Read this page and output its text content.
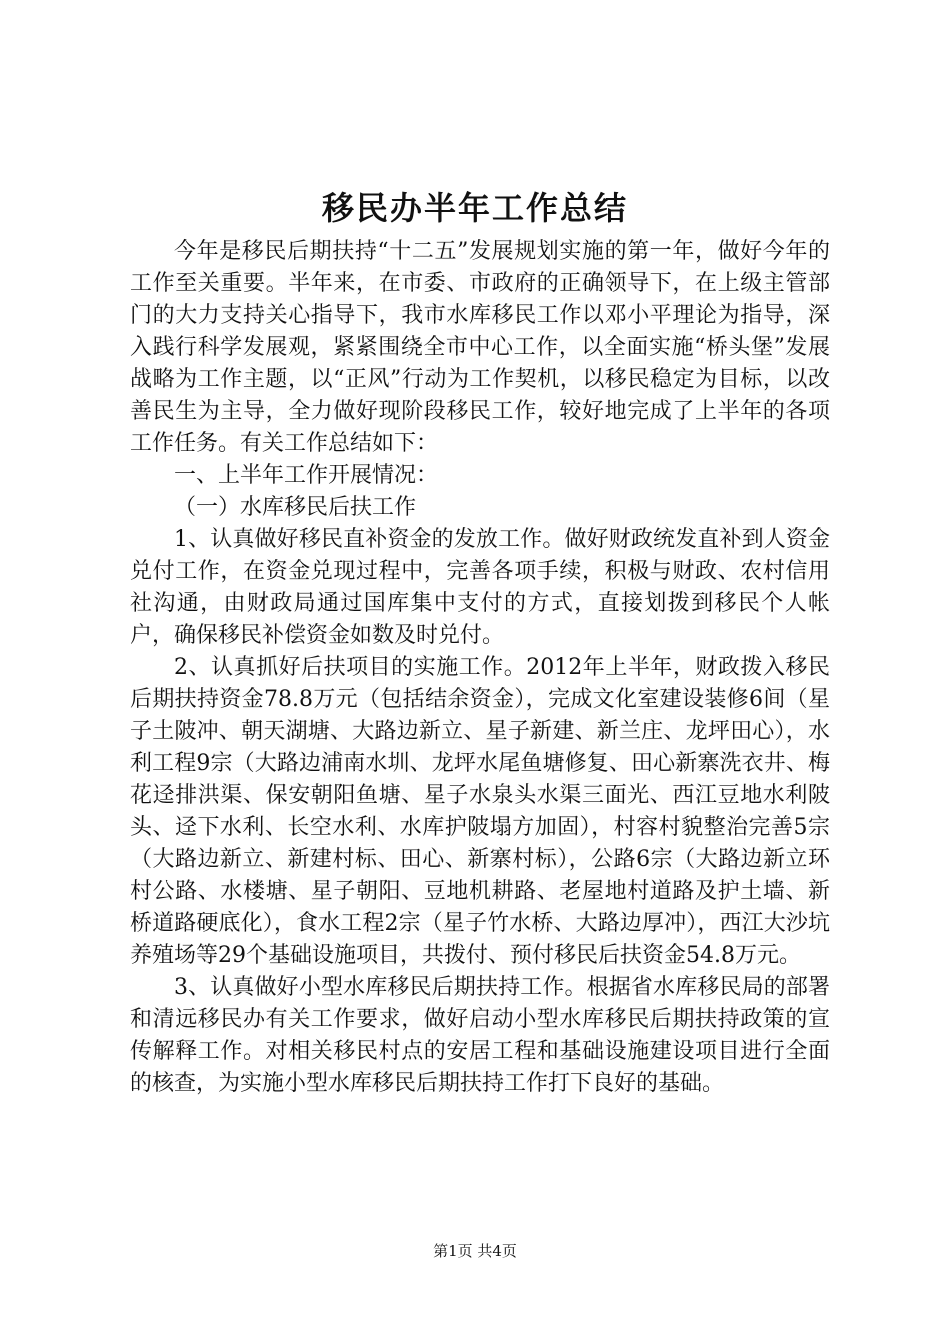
移民办半年工作总结

今年是移民后期扶持“十二五”发展规划实施的第一年，做好今年的工作至关重要。半年来，在市委、市政府的正确领导下，在上级主管部门的大力支持关心指导下，我市水库移民工作以邓小平理论为指导，深入践行科学发展观，紧紧围绕全市中心工作，以全面实施“桥头堡”发展战略为工作主题，以“正风”行动为工作契机，以移民稳定为目标，以改善民生为主导，全力做好现阶段移民工作，较好地完成了上半年的各项工作任务。有关工作总结如下：

一、上半年工作开展情况：

（一）水库移民后扶工作

1、认真做好移民直补资金的发放工作。做好财政统发直补到人资金兑付工作，在资金兑现过程中，完善各项手续，积极与财政、农村信用社沟通，由财政局通过国库集中支付的方式，直接划拨到移民个人帐户，确保移民补偿资金如数及时兑付。

2、认真抓好后扶项目的实施工作。2012年上半年，财政拨入移民后期扶持资金78.8万元（包括结余资金），完成文化室建设装修6间（星子土陂冲、朝天湖塘、大路边新立、星子新建、新兰庄、龙坪田心），水利工程9宗（大路边浦南水圳、龙坪水尾鱼塘修复、田心新寨洗衣井、梅花迳排洪渠、保安朝阳鱼塘、星子水泉头水渠三面光、西江豆地水利陂头、迳下水利、长空水利、水库护陂塌方加固），村容村貌整治完善5宗（大路边新立、新建村标、田心、新寨村标），公路6宗（大路边新立环村公路、水楼塘、星子朝阳、豆地机耕路、老屋地村道路及护土墙、新桥道路硬底化），食水工程2宗（星子竹水桥、大路边厚冲），西江大沙坑养殖场等29个基础设施项目，共拨付、预付移民后扶资金54.8万元。

3、认真做好小型水库移民后期扶持工作。根据省水库移民局的部署和清远移民办有关工作要求，做好启动小型水库移民后期扶持政策的宣传解释工作。对相关移民村点的安居工程和基础设施建设项目进行全面的核查，为实施小型水库移民后期扶持工作打下良好的基础。

第1页 共4页
